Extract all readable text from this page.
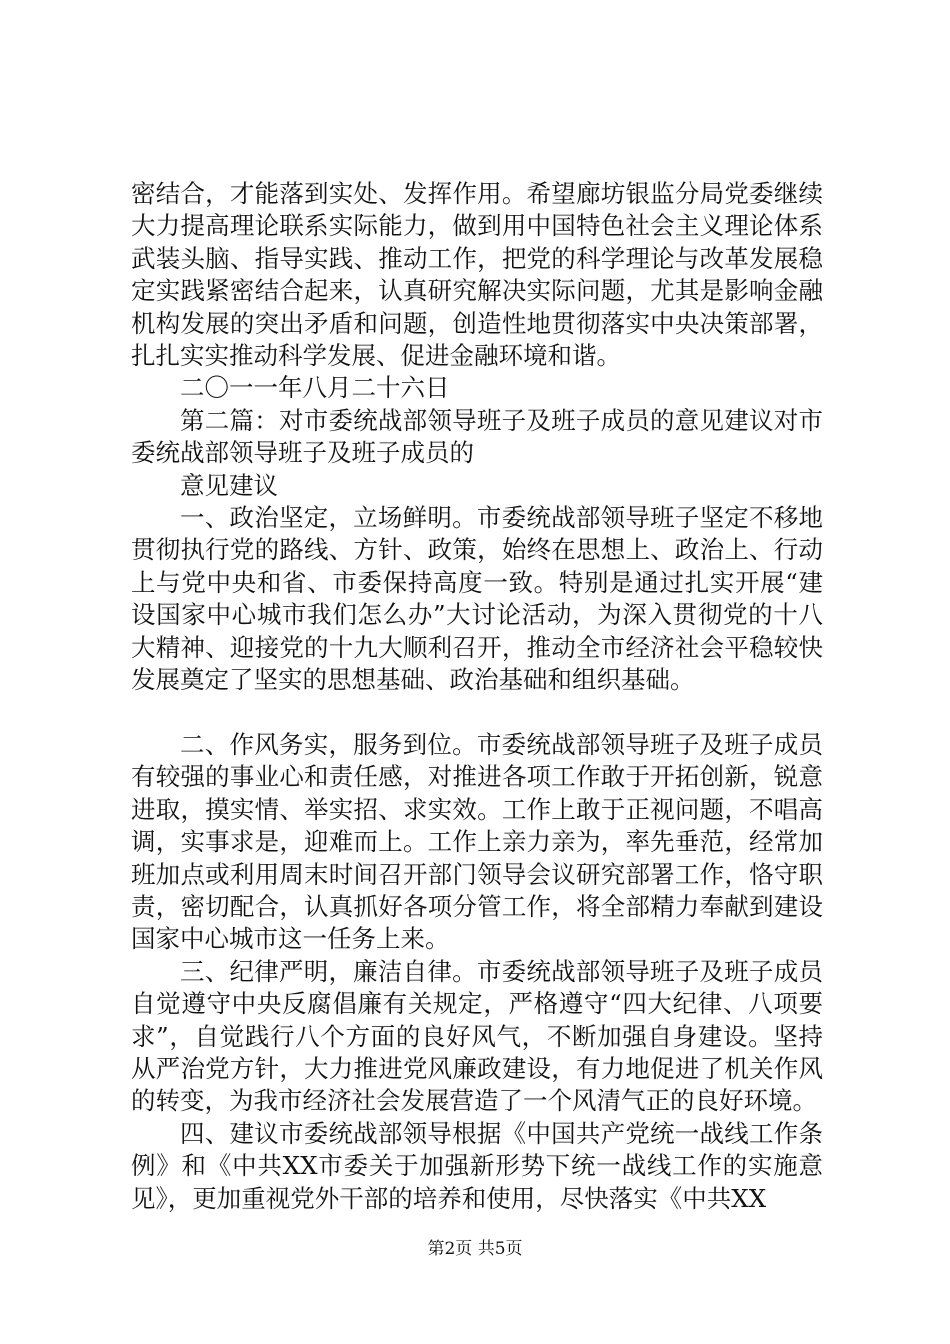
密结合，才能落到实处、发挥作用。希望廊坊银监分局党委继续大力提高理论联系实际能力，做到用中国特色社会主义理论体系武装头脑、指导实践、推动工作，把党的科学理论与改革发展稳定实践紧密结合起来，认真研究解决实际问题，尤其是影响金融机构发展的突出矛盾和问题，创造性地贯彻落实中央决策部署，扎扎实实推动科学发展、促进金融环境和谐。

二〇一一年八月二十六日

第二篇：对市委统战部领导班子及班子成员的意见建议对市委统战部领导班子及班子成员的

意见建议

一、政治坚定，立场鲜明。市委统战部领导班子坚定不移地贯彻执行党的路线、方针、政策，始终在思想上、政治上、行动上与党中央和省、市委保持高度一致。特别是通过扎实开展“建设国家中心城市我们怎么办”大讨论活动，为深入贯彻党的十八大精神、迎接党的十九大顺利召开，推动全市经济社会平稳较快发展奠定了坚实的思想基础、政治基础和组织基础。

二、作风务实，服务到位。市委统战部领导班子及班子成员有较强的事业心和责任感，对推进各项工作敢于开拓创新，锐意进取，摸实情、举实招、求实效。工作上敢于正视问题，不唱高调，实事求是，迎难而上。工作上亲力亲为，率先垂范，经常加班加点或利用周末时间召开部门领导会议研究部署工作，恪守职责，密切配合，认真抓好各项分管工作，将全部精力奉献到建设国家中心城市这一任务上来。

三、纪律严明，廉洁自律。市委统战部领导班子及班子成员自觉遵守中央反腐倡廉有关规定，严格遵守“四大纪律、八项要求”，自觉践行八个方面的良好风气，不断加强自身建设。坚持从严治党方针，大力推进党风廉政建设，有力地促进了机关作风的转变，为我市经济社会发展营造了一个风清气正的良好环境。

四、建议市委统战部领导根据《中国共产党统一战线工作条例》和《中共XX市委关于加强新形势下统一战线工作的实施意见》，更加重视党外干部的培养和使用，尽快落实《中共XX

第2页 共5页
